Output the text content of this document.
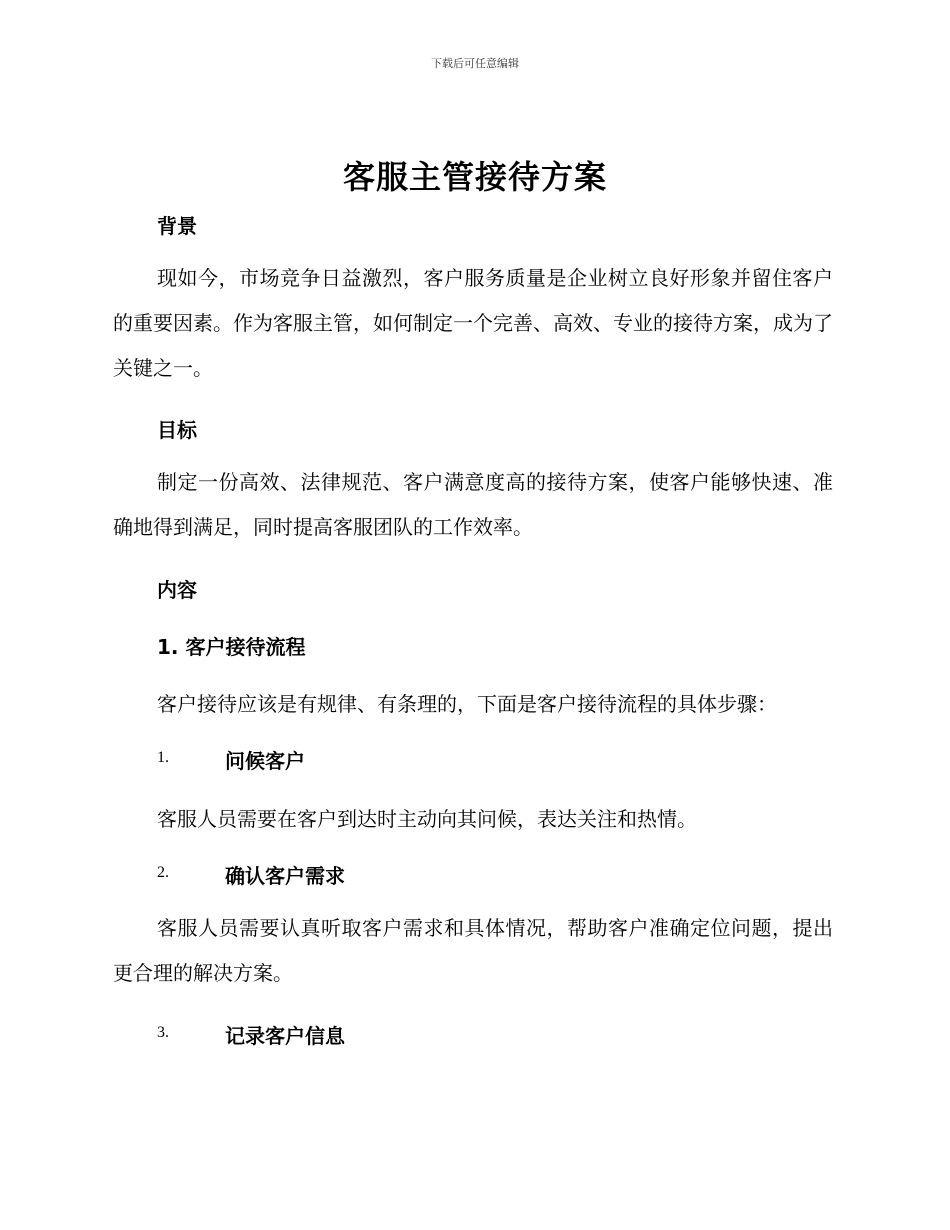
下载后可任意编辑
客服主管接待方案
背景
现如今，市场竞争日益激烈，客户服务质量是企业树立良好形象并留住客户的重要因素。作为客服主管，如何制定一个完善、高效、专业的接待方案，成为了关键之一。
目标
制定一份高效、法律规范、客户满意度高的接待方案，使客户能够快速、准确地得到满足，同时提高客服团队的工作效率。
内容
1. 客户接待流程
客户接待应该是有规律、有条理的，下面是客户接待流程的具体步骤：
1.	问候客户
客服人员需要在客户到达时主动向其问候，表达关注和热情。
2.	确认客户需求
客服人员需要认真听取客户需求和具体情况，帮助客户准确定位问题，提出更合理的解决方案。
3.	记录客户信息
